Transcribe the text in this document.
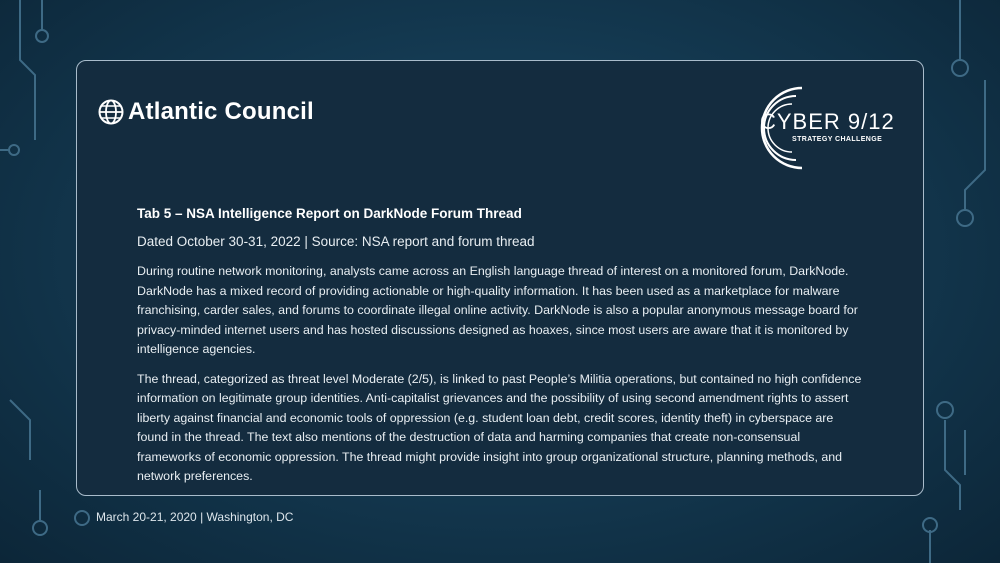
Atlantic Council	CYBER 9/12
STRATEGY CHALLENGE

Tab 5 – NSA Intelligence Report on DarkNode Forum Thread

Dated October 30-31, 2022 | Source: NSA report and forum thread

During routine network monitoring, analysts came across an English language thread of interest on a monitored forum, DarkNode. DarkNode has a mixed record of providing actionable or high-quality information. It has been used as a marketplace for malware franchising, carder sales, and forums to coordinate illegal online activity. DarkNode is also a popular anonymous message board for privacy-minded internet users and has hosted discussions designed as hoaxes, since most users are aware that it is monitored by intelligence agencies.

The thread, categorized as threat level Moderate (2/5), is linked to past People’s Militia operations, but contained no high confidence information on legitimate group identities. Anti-capitalist grievances and the possibility of using second amendment rights to assert liberty against financial and economic tools of oppression (e.g. student loan debt, credit scores, identity theft) in cyberspace are found in the thread. The text also mentions of the destruction of data and harming companies that create non-consensual frameworks of economic oppression. The thread might provide insight into group organizational structure, planning methods, and network preferences.

March 20-21, 2020 | Washington, DC
